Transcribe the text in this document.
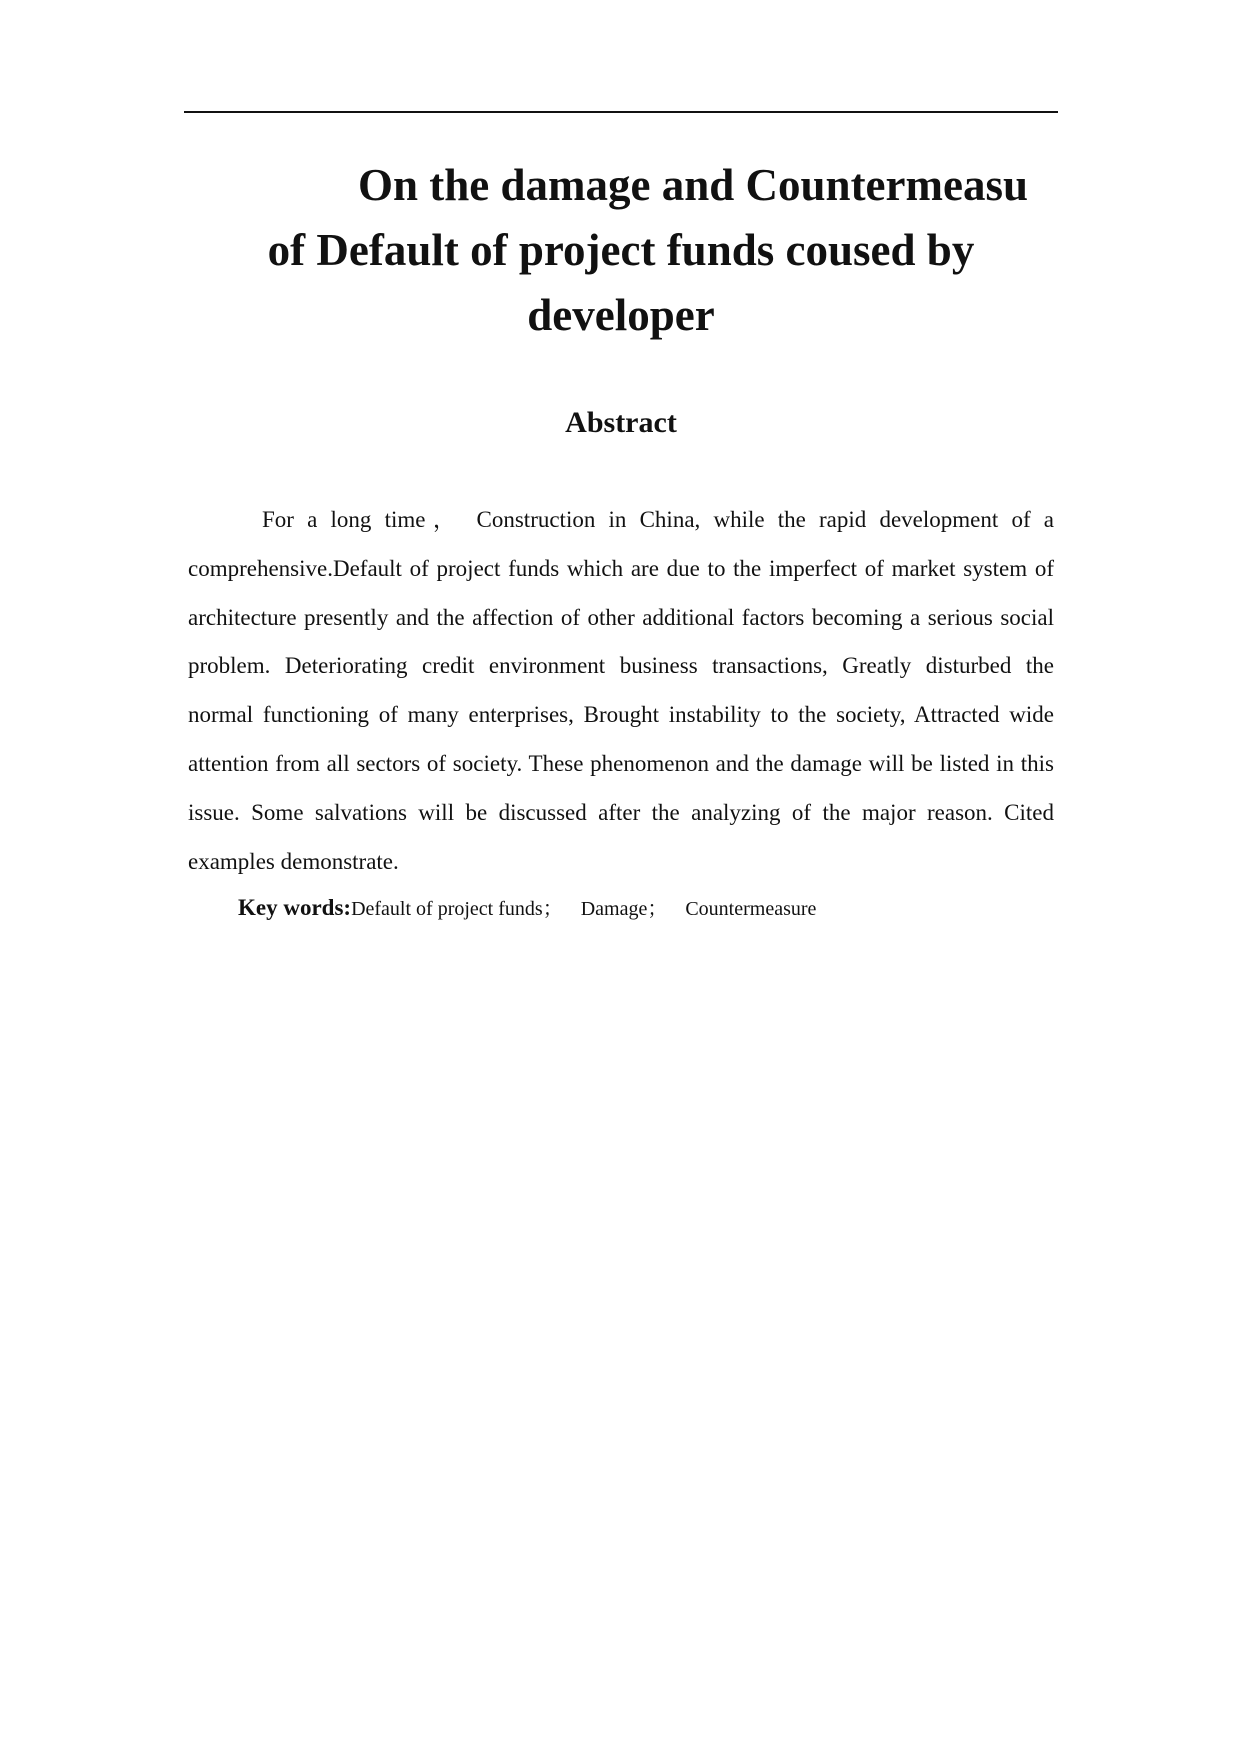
On the damage and Countermeasu
of Default of project funds coused by
developer
Abstract

For a long time， Construction in China, while the rapid development of a comprehensive.Default of project funds which are due to the imperfect of market system of architecture presently and the affection of other additional factors becoming a serious social problem. Deteriorating credit environment business transactions, Greatly disturbed the normal functioning of many enterprises, Brought instability to the society, Attracted wide attention from all sectors of society. These phenomenon and the damage will be listed in this issue. Some salvations will be discussed after the analyzing of the major reason. Cited examples demonstrate.

Key words:Default of project funds； Damage； Countermeasure
